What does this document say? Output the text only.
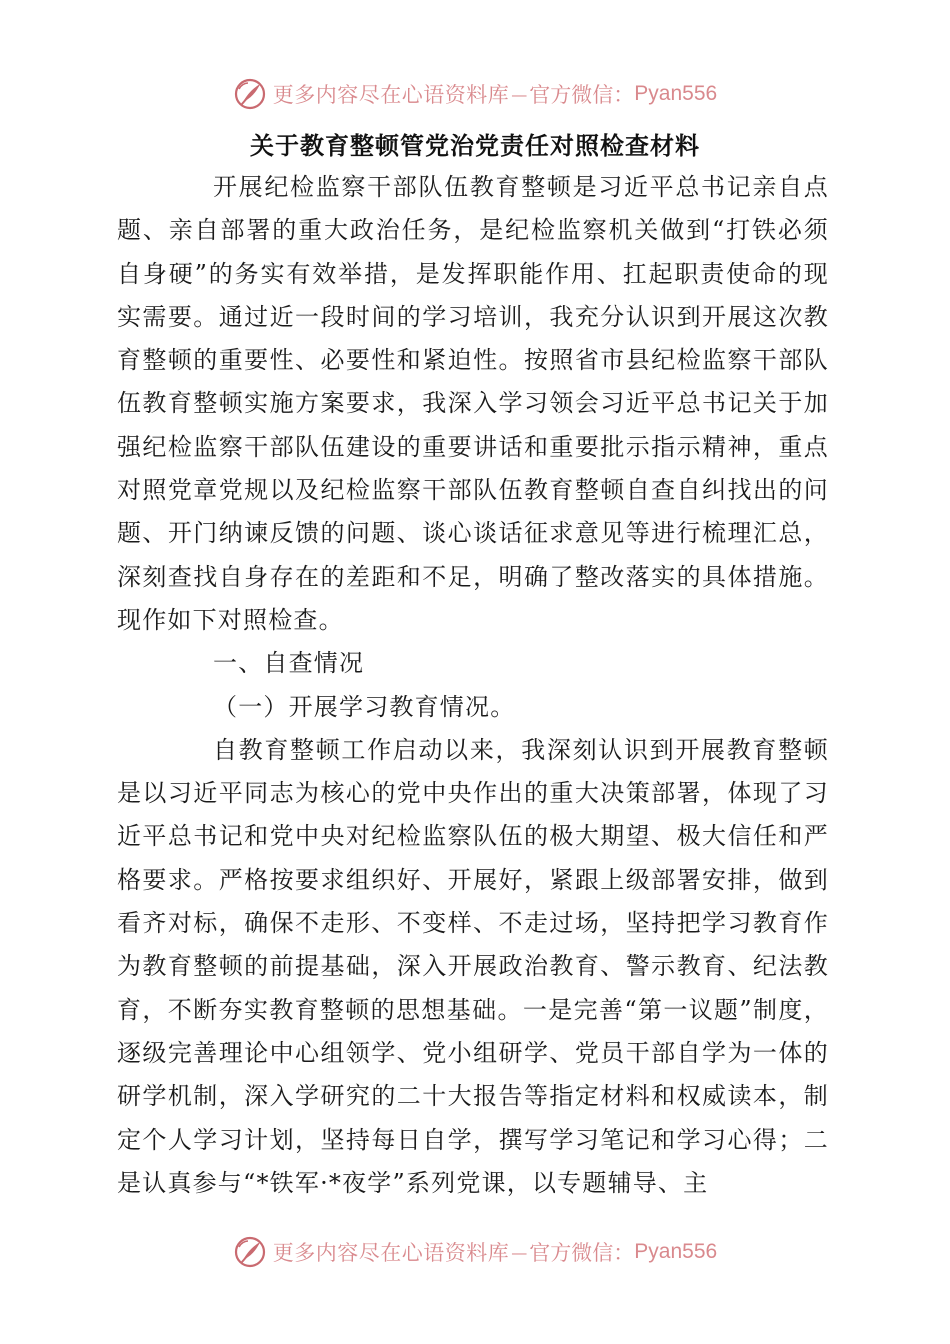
更多内容尽在心语资料库 — 官方微信： Pyan556
关于教育整顿管党治党责任对照检查材料

开展纪检监察干部队伍教育整顿是习近平总书记亲自点题、亲自部署的重大政治任务，是纪检监察机关做到“打铁必须自身硬”的务实有效举措，是发挥职能作用、扛起职责使命的现实需要。通过近一段时间的学习培训，我充分认识到开展这次教育整顿的重要性、必要性和紧迫性。按照省市县纪检监察干部队伍教育整顿实施方案要求，我深入学习领会习近平总书记关于加强纪检监察干部队伍建设的重要讲话和重要批示指示精神，重点对照党章党规以及纪检监察干部队伍教育整顿自查自纠找出的问题、开门纳谏反馈的问题、谈心谈话征求意见等进行梳理汇总，深刻查找自身存在的差距和不足，明确了整改落实的具体措施。现作如下对照检查。

一、自查情况

（一）开展学习教育情况。

自教育整顿工作启动以来，我深刻认识到开展教育整顿是以习近平同志为核心的党中央作出的重大决策部署，体现了习近平总书记和党中央对纪检监察队伍的极大期望、极大信任和严格要求。严格按要求组织好、开展好，紧跟上级部署安排，做到看齐对标，确保不走形、不变样、不走过场，坚持把学习教育作为教育整顿的前提基础，深入开展政治教育、警示教育、纪法教育，不断夯实教育整顿的思想基础。一是完善“第一议题”制度，逐级完善理论中心组领学、党小组研学、党员干部自学为一体的研学机制，深入学研究的二十大报告等指定材料和权威读本，制定个人学习计划，坚持每日自学，撰写学习笔记和学习心得；二是认真参与“*铁军·*夜学”系列党课，以专题辅导、主

更多内容尽在心语资料库 — 官方微信： Pyan556
